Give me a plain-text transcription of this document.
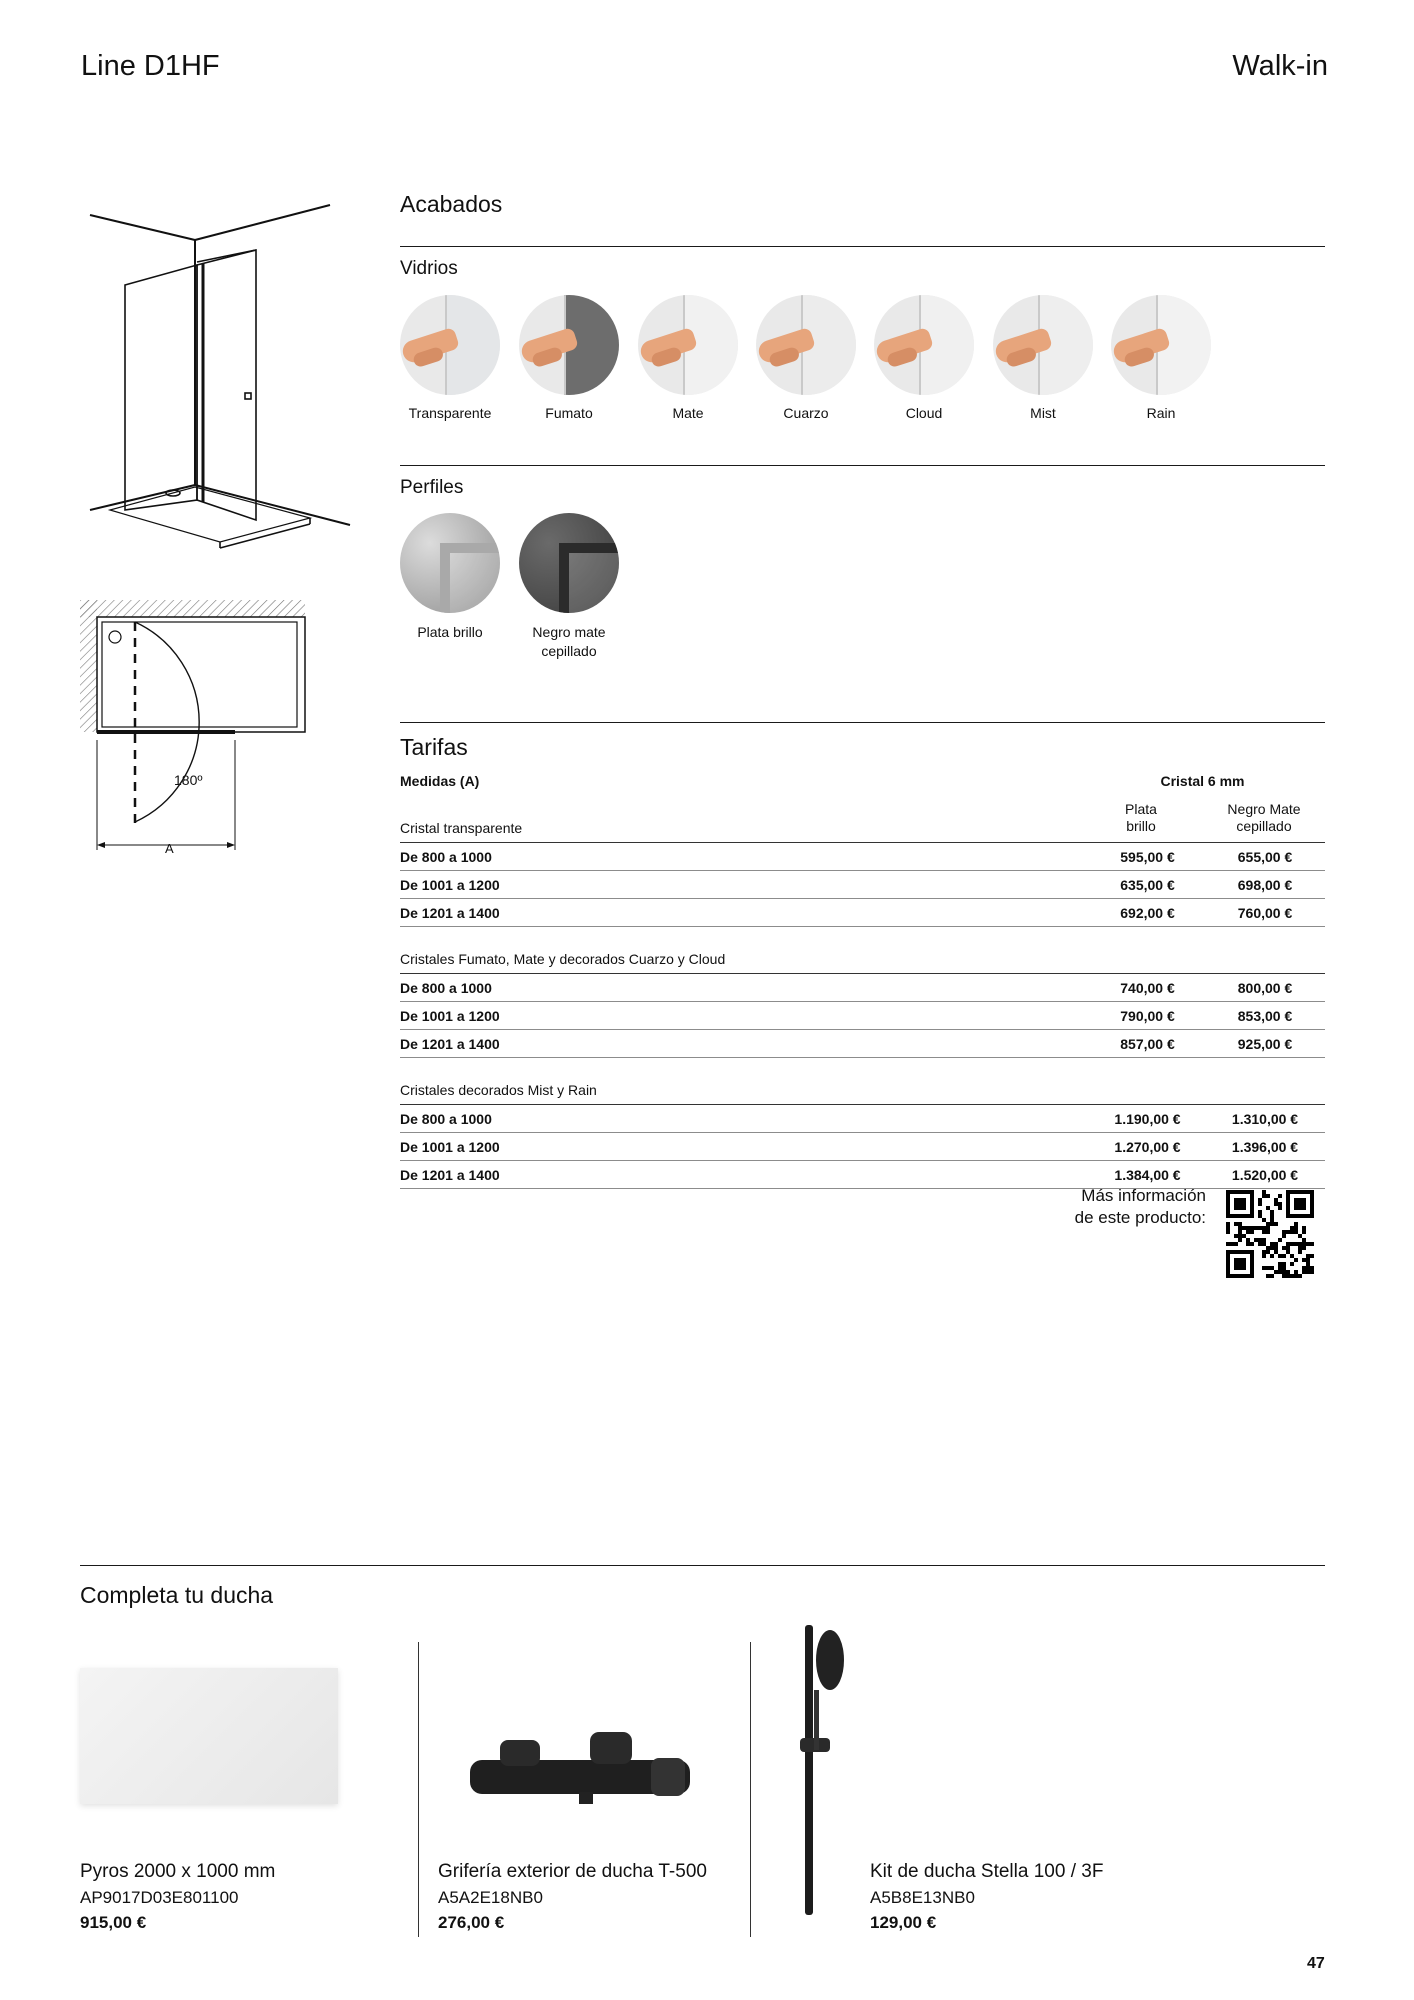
Line D1HF	Walk-in
180º
A
Acabados
Vidrios
Transparente	Fumato	Mate	Cuarzo	Cloud	Mist	Rain
Perfiles
Plata brillo	Negro mate cepillado
Tarifas
Medidas (A)	Cristal 6 mm
Plata brillo
Negro Mate cepillado
Cristal transparente		
De 800 a 1000	595,00 €	655,00 €
De 1001 a 1200	635,00 €	698,00 €
De 1201 a 1400	692,00 €	760,00 €
Cristales Fumato, Mate y decorados Cuarzo y Cloud		
De 800 a 1000	740,00 €	800,00 €
De 1001 a 1200	790,00 €	853,00 €
De 1201 a 1400	857,00 €	925,00 €
Cristales decorados Mist y Rain		
De 800 a 1000	1.190,00 €	1.310,00 €
De 1001 a 1200	1.270,00 €	1.396,00 €
De 1201 a 1400	1.384,00 €	1.520,00 €
Más información
de este producto:
Completa tu ducha
Pyros 2000 x 1000 mm
AP9017D03E801100
915,00 €
Grifería exterior de ducha T-500
A5A2E18NB0
276,00 €
Kit de ducha Stella 100 / 3F
A5B8E13NB0
129,00 €
47
